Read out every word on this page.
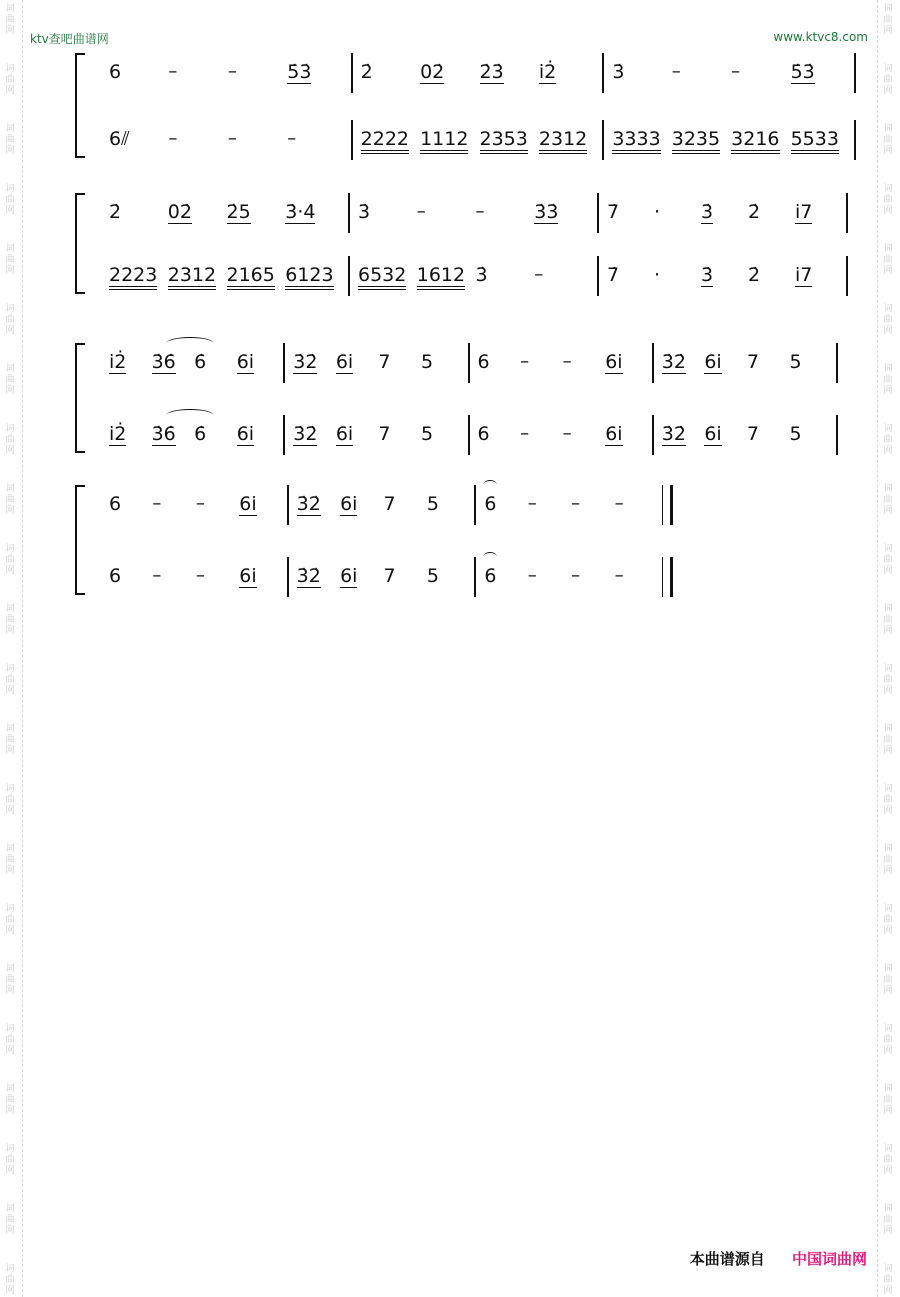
词
曲
网
词
曲
网
词
曲
网
词
曲
网
词
曲
网
词
曲
网
词
曲
网
词
曲
网
词
曲
网
词
曲
网
词
曲
网
词
曲
网
词
曲
网
词
曲
网
词
曲
网
词
曲
网
词
曲
网
词
曲
网
词
曲
网
词
曲
网
词
曲
网
词
曲
网
词
曲
网
词
曲
网
词
曲
网
词
曲
网
词
曲
网
词
曲
网
词
曲
网
词
曲
网
词
曲
网
词
曲
网
词
曲
网
词
曲
网
词
曲
网
词
曲
网
词
曲
网
词
曲
网
词
曲
网
词
曲
网
词
曲
网
词
曲
网
词
曲
网
词
曲
网
ktv查吧曲谱网	www.ktvc8.com
6	–	–	5̇3̇	2̇ 02̇ 2̇3̇ i2̇	3̇	–	–	5̇3̇
6⫽ –	–	–	2222 1112 2353 2312 3333 3235 3216 5533
2̇ 02̇ 2̇5 3̇·4̇ 3̇	–	–	3̇3̇	7̇ · 3̇ 2̇ i7
2223 2312 2165 6123 6532 1612 3̇	–	7̇ · 3̇ 2̇ i7
i2̇ 3̇6̇ 6̇ 6i 3̇2̇ 6i 7 5 6 – – 6i 3̇2̇ 6i 7 5
i2̇ 3̇6̇ 6̇ 6i 3̇2̇ 6i 7 5 6 – – 6i 3̇2̇ 6i 7 5
6 – – 6i 3̇2̇ 6i 7 5 6 – – –
6 – – 6i 3̇2̇ 6i 7 5 6 – – –
本曲谱源自 中国词曲网
